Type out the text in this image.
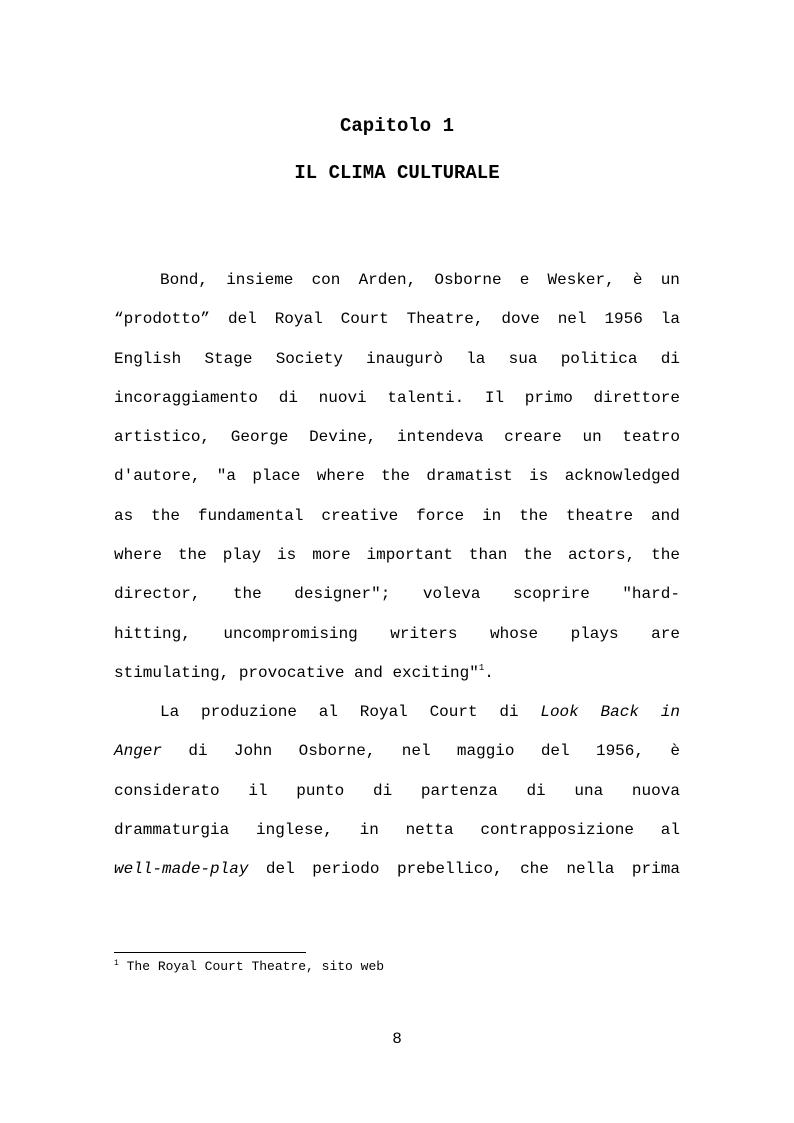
Capitolo 1
IL CLIMA CULTURALE
Bond, insieme con Arden, Osborne e Wesker, è un
“prodotto” del Royal Court Theatre, dove nel 1956 la
English Stage Society inaugurò la sua politica di
incoraggiamento di nuovi talenti. Il primo direttore
artistico, George Devine, intendeva creare un teatro
d'autore, "a place where the dramatist is acknowledged
as the fundamental creative force in the theatre and
where the play is more important than the actors, the
director, the designer"; voleva scoprire "hard-
hitting, uncompromising writers whose plays are
stimulating, provocative and exciting"$^1$.
La produzione al Royal Court di Look Back in
Anger di John Osborne, nel maggio del 1956, è
considerato il punto di partenza di una nuova
drammaturgia inglese, in netta contrapposizione al
well-made-play del periodo prebellico, che nella prima
$^1$ The Royal Court Theatre, sito web
8
